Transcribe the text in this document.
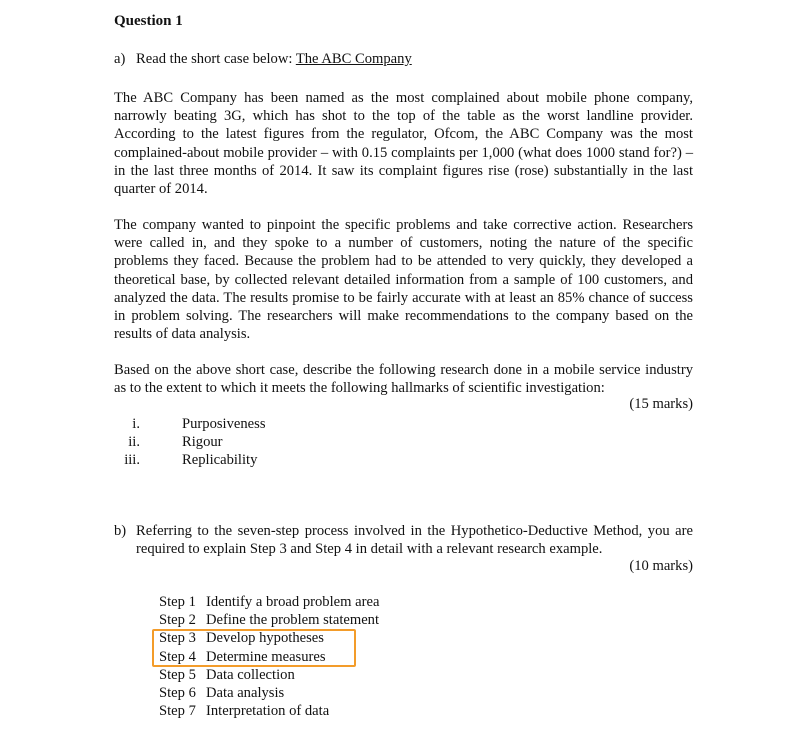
Question 1
a) Read the short case below: The ABC Company
The ABC Company has been named as the most complained about mobile phone company, narrowly beating 3G, which has shot to the top of the table as the worst landline provider. According to the latest figures from the regulator, Ofcom, the ABC Company was the most complained-about mobile provider – with 0.15 complaints per 1,000 (what does 1000 stand for?) – in the last three months of 2014. It saw its complaint figures rise (rose) substantially in the last quarter of 2014.
The company wanted to pinpoint the specific problems and take corrective action. Researchers were called in, and they spoke to a number of customers, noting the nature of the specific problems they faced. Because the problem had to be attended to very quickly, they developed a theoretical base, by collected relevant detailed information from a sample of 100 customers, and analyzed the data. The results promise to be fairly accurate with at least an 85% chance of success in problem solving. The researchers will make recommendations to the company based on the results of data analysis.
Based on the above short case, describe the following research done in a mobile service industry as to the extent to which it meets the following hallmarks of scientific investigation:
(15 marks)
i.	Purposiveness
ii.	Rigour
iii.	Replicability
b) Referring to the seven-step process involved in the Hypothetico-Deductive Method, you are required to explain Step 3 and Step 4 in detail with a relevant research example.
(10 marks)
Step 1 Identify a broad problem area
Step 2 Define the problem statement
Step 3 Develop hypotheses
Step 4 Determine measures
Step 5 Data collection
Step 6 Data analysis
Step 7 Interpretation of data
